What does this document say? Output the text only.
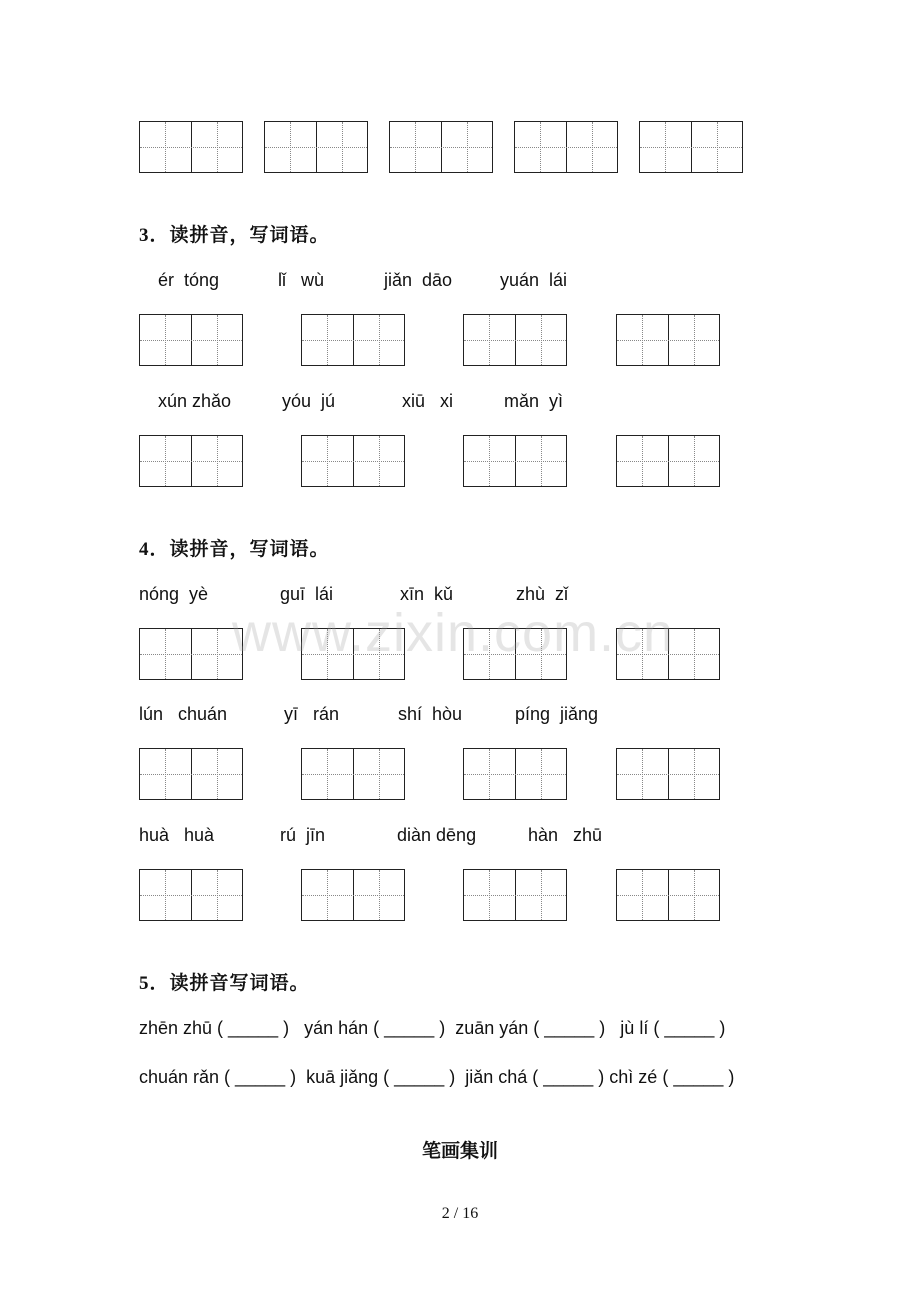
3．读拼音，写词语。
ér  tóng	lǐ   wù	jiǎn  dāo	yuán  lái
xún zhǎo	yóu  jú	xiū   xi	mǎn  yì
4．读拼音，写词语。
nóng  yè	guī  lái	xīn  kǔ	zhù  zǐ
lún   chuán	yī   rán	shí  hòu	píng  jiǎng
huà   huà	rú  jīn	diàn dēng	hàn   zhū
www.zixin.com.cn
5．读拼音写词语。
zhēn zhū ( _____ )   yán hán ( _____ )  zuān yán ( _____ )   jù lí ( _____ )
chuán rǎn ( _____ )  kuā jiǎng ( _____ )  jiǎn chá ( _____ ) chì zé ( _____ )
笔画集训
2 / 16
